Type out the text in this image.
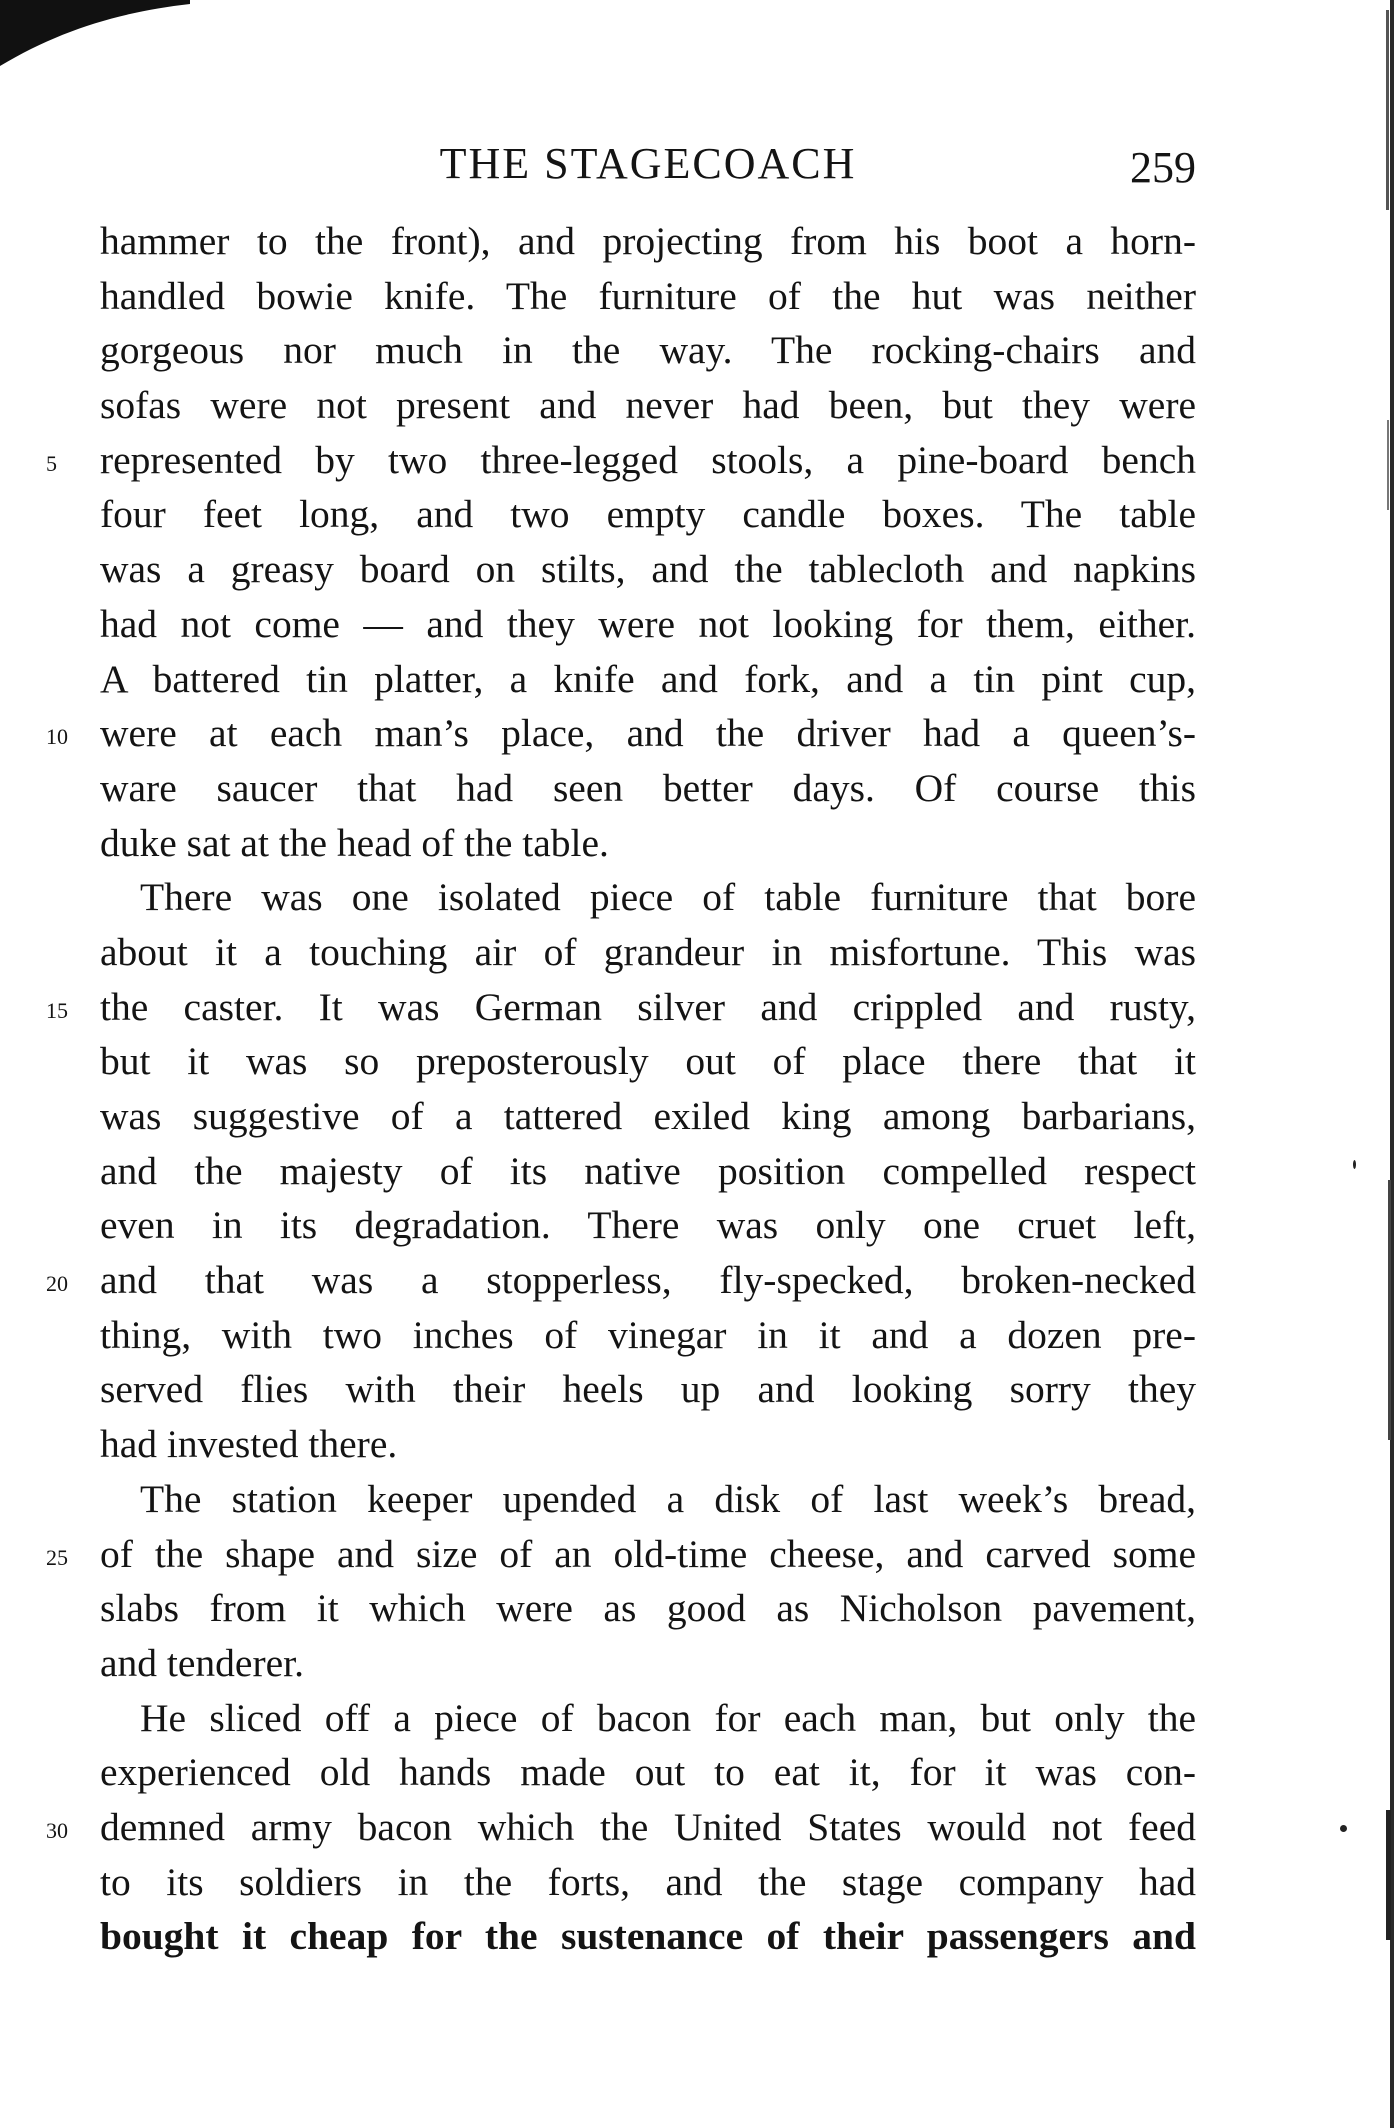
THE STAGECOACH	259
hammer to the front), and projecting from his boot a horn-
handled bowie knife. The furniture of the hut was neither
gorgeous nor much in the way. The rocking-chairs and
sofas were not present and never had been, but they were
5	represented by two three-legged stools, a pine-board bench
four feet long, and two empty candle boxes. The table
was a greasy board on stilts, and the tablecloth and napkins
had not come — and they were not looking for them, either.
A battered tin platter, a knife and fork, and a tin pint cup,
10 were at each man’s place, and the driver had a queen’s-
ware saucer that had seen better days. Of course this
duke sat at the head of the table.
There was one isolated piece of table furniture that bore
about it a touching air of grandeur in misfortune. This was
15 the caster. It was German silver and crippled and rusty,
but it was so preposterously out of place there that it
was suggestive of a tattered exiled king among barbarians,
and the majesty of its native position compelled respect
even in its degradation. There was only one cruet left,
20 and that was a stopperless, fly-specked, broken-necked
thing, with two inches of vinegar in it and a dozen pre-
served flies with their heels up and looking sorry they
had invested there.
The station keeper upended a disk of last week’s bread,
25 of the shape and size of an old-time cheese, and carved some
slabs from it which were as good as Nicholson pavement,
and tenderer.
He sliced off a piece of bacon for each man, but only the
experienced old hands made out to eat it, for it was con-
30 demned army bacon which the United States would not feed
to its soldiers in the forts, and the stage company had
bought it cheap for the sustenance of their passengers and
